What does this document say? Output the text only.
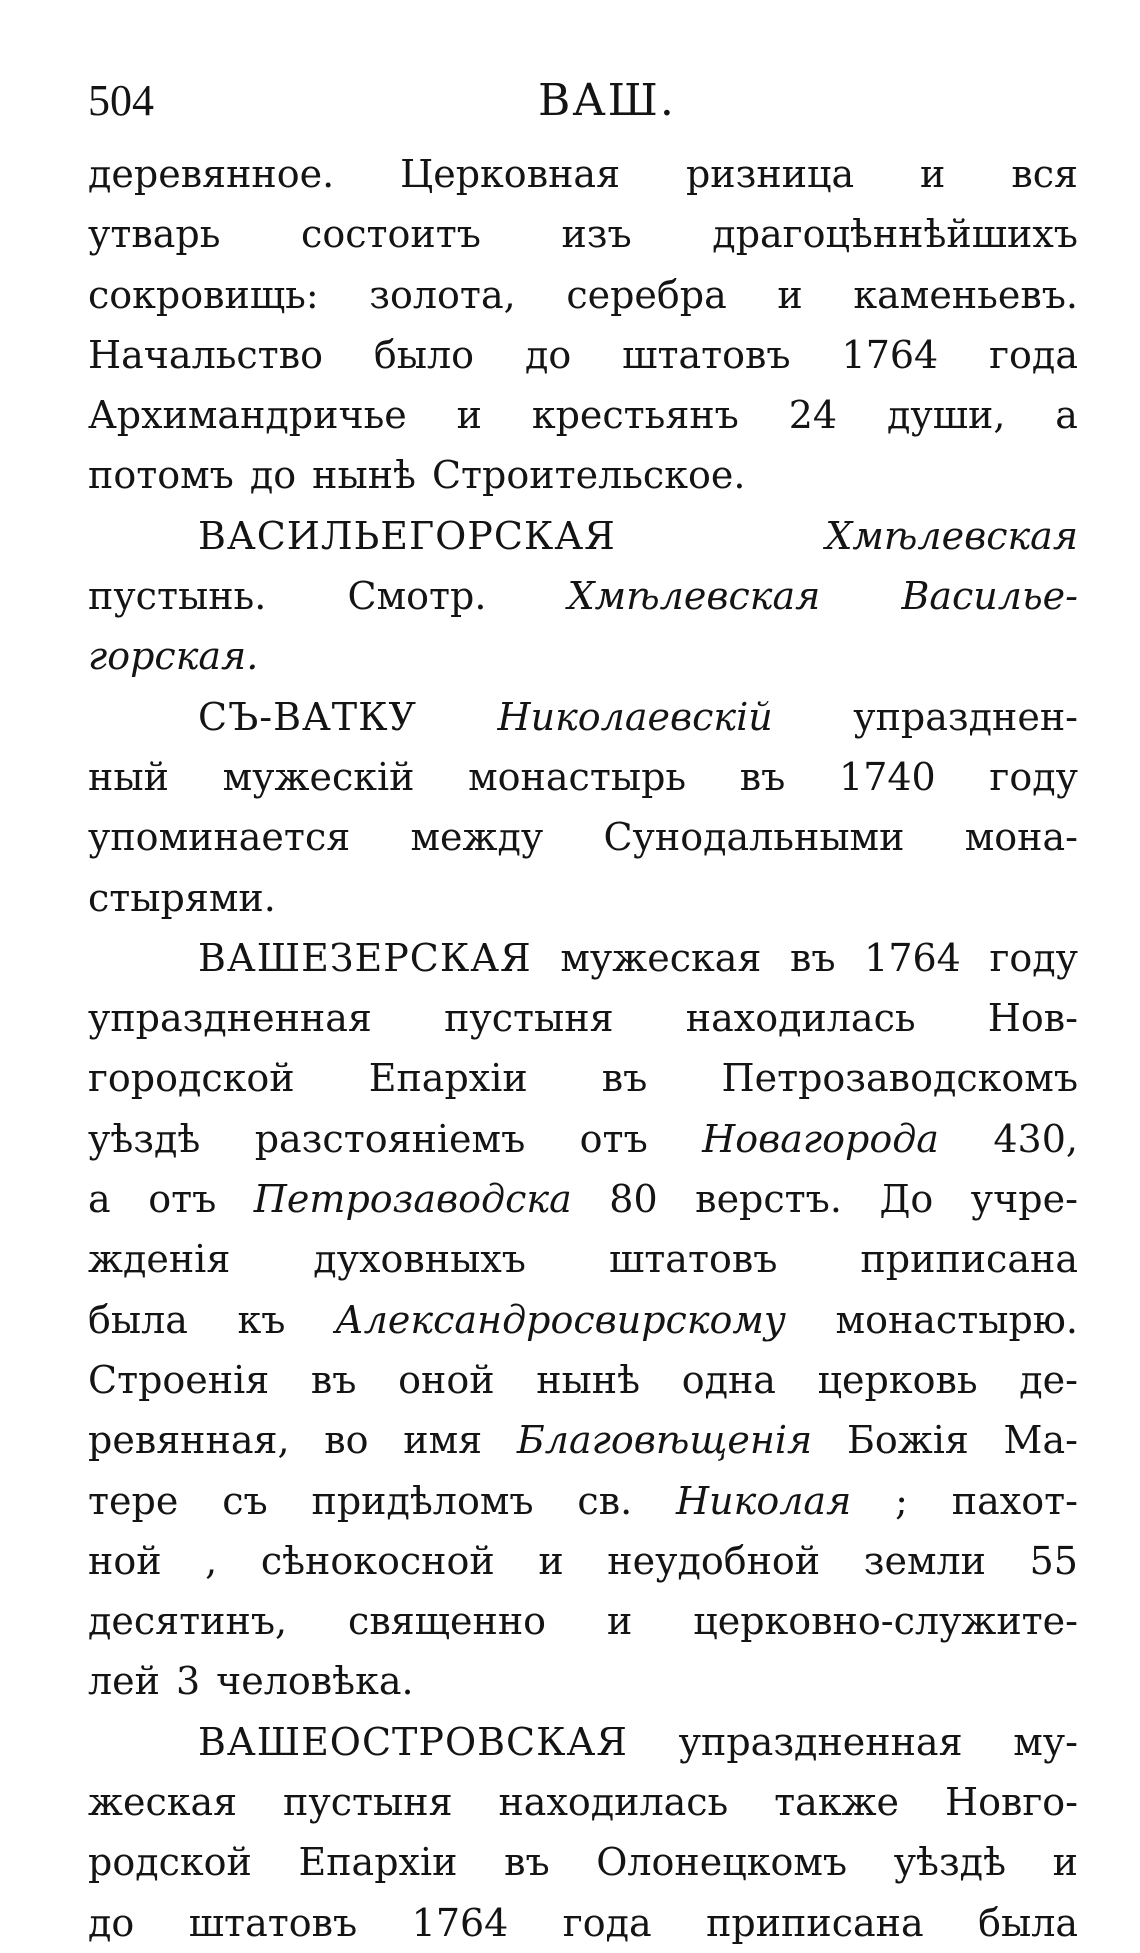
504	ВАШ.
деревянное. Церковная ризница и вся
утварь состоитъ изъ драгоцѣннѣйшихъ
сокровищь: золота, серебра и каменьевъ.
Начальство было до штатовъ 1764 года
Архимандричье и крестьянъ 24 души, а
потомъ до нынѣ Строительское.
ВАСИЛЬЕГОРСКАЯ	Хмѣлевская
пустынь. Смотр. Хмѣлевская Василье-
горская.
СЪ-ВАТКУ Николаевскій упразднен-
ный мужескій монастырь въ 1740 году
упоминается между Сунодальными мона-
стырями.
ВАШЕЗЕРСКАЯ мужеская въ 1764 году
упраздненная пустыня находилась Нов-
городской Епархіи въ Петрозаводскомъ
уѣздѣ разстояніемъ отъ Новагорода 430,
а отъ Петрозаводска 80 верстъ. До учре-
жденія духовныхъ штатовъ приписана
была къ Александросвирскому монастырю.
Строенія въ оной нынѣ одна церковь де-
ревянная, во имя Благовѣщенія Божія Ма-
тере съ придѣломъ св. Николая ; пахот-
ной , сѣнокосной и неудобной земли 55
десятинъ, священно и церковно-служите-
лей 3 человѣка.
ВАШЕОСТРОВСКАЯ упраздненная му-
жеская пустыня находилась также Новго-
родской Епархіи въ Олонецкомъ уѣздѣ и
до штатовъ 1764 года приписана была
